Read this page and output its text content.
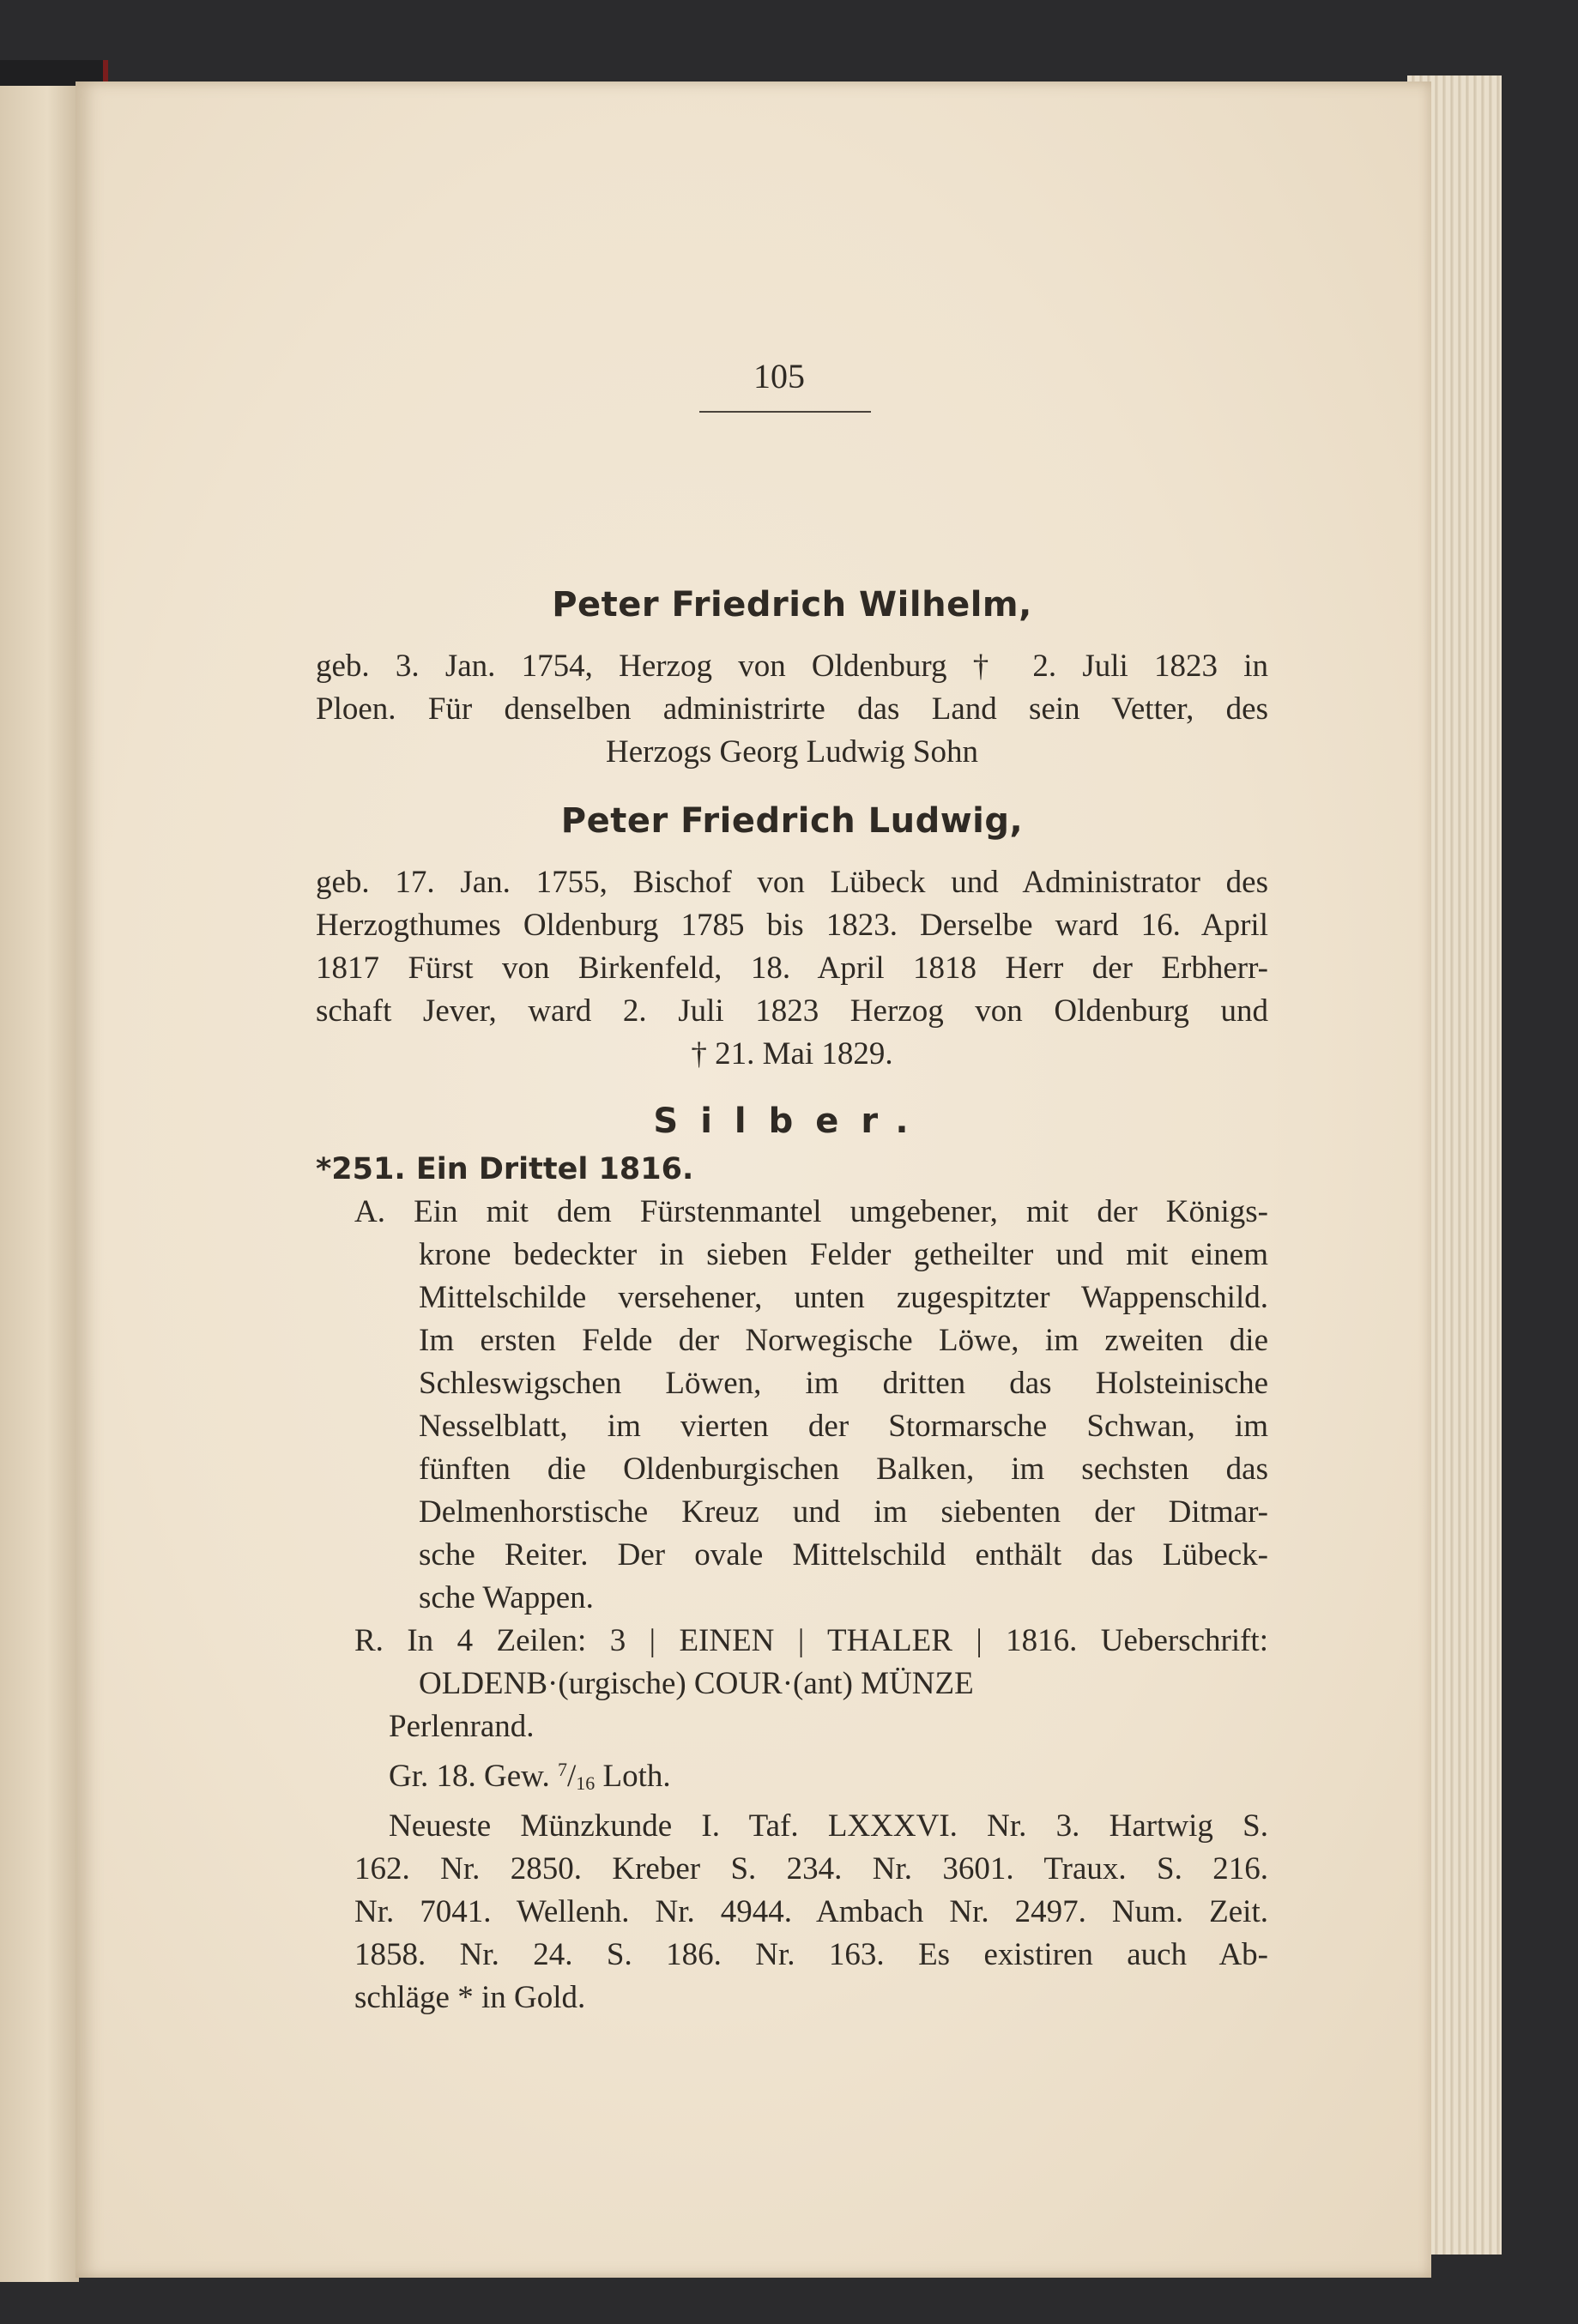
105

Peter Friedrich Wilhelm,

geb. 3. Jan. 1754, Herzog von Oldenburg † 2. Juli 1823 in

Ploen. Für denselben administrirte das Land sein Vetter, des

Herzogs Georg Ludwig Sohn

Peter Friedrich Ludwig,

geb. 17. Jan. 1755, Bischof von Lübeck und Administrator des

Herzogthumes Oldenburg 1785 bis 1823. Derselbe ward 16. April

1817 Fürst von Birkenfeld, 18. April 1818 Herr der Erbherr-

schaft Jever, ward 2. Juli 1823 Herzog von Oldenburg und

† 21. Mai 1829.

Silber.

*251. Ein Drittel 1816.

A. Ein mit dem Fürstenmantel umgebener, mit der Königs-

krone bedeckter in sieben Felder getheilter und mit einem

Mittelschilde versehener, unten zugespitzter Wappenschild.

Im ersten Felde der Norwegische Löwe, im zweiten die

Schleswigschen Löwen, im dritten das Holsteinische

Nesselblatt, im vierten der Stormarsche Schwan, im

fünften die Oldenburgischen Balken, im sechsten das

Delmenhorstische Kreuz und im siebenten der Ditmar-

sche Reiter. Der ovale Mittelschild enthält das Lübeck-

sche Wappen.

R. In 4 Zeilen: 3 | EINEN | THALER | 1816. Ueberschrift:

OLDENB·(urgische) COUR·(ant) MÜNZE

Perlenrand.

Gr. 18. Gew. $^7/_{16}$ Loth.

Neueste Münzkunde I. Taf. LXXXVI. Nr. 3. Hartwig S.

162. Nr. 2850. Kreber S. 234. Nr. 3601. Traux. S. 216.

Nr. 7041. Wellenh. Nr. 4944. Ambach Nr. 2497. Num. Zeit.

1858. Nr. 24. S. 186. Nr. 163. Es existiren auch Ab-

schläge * in Gold.
